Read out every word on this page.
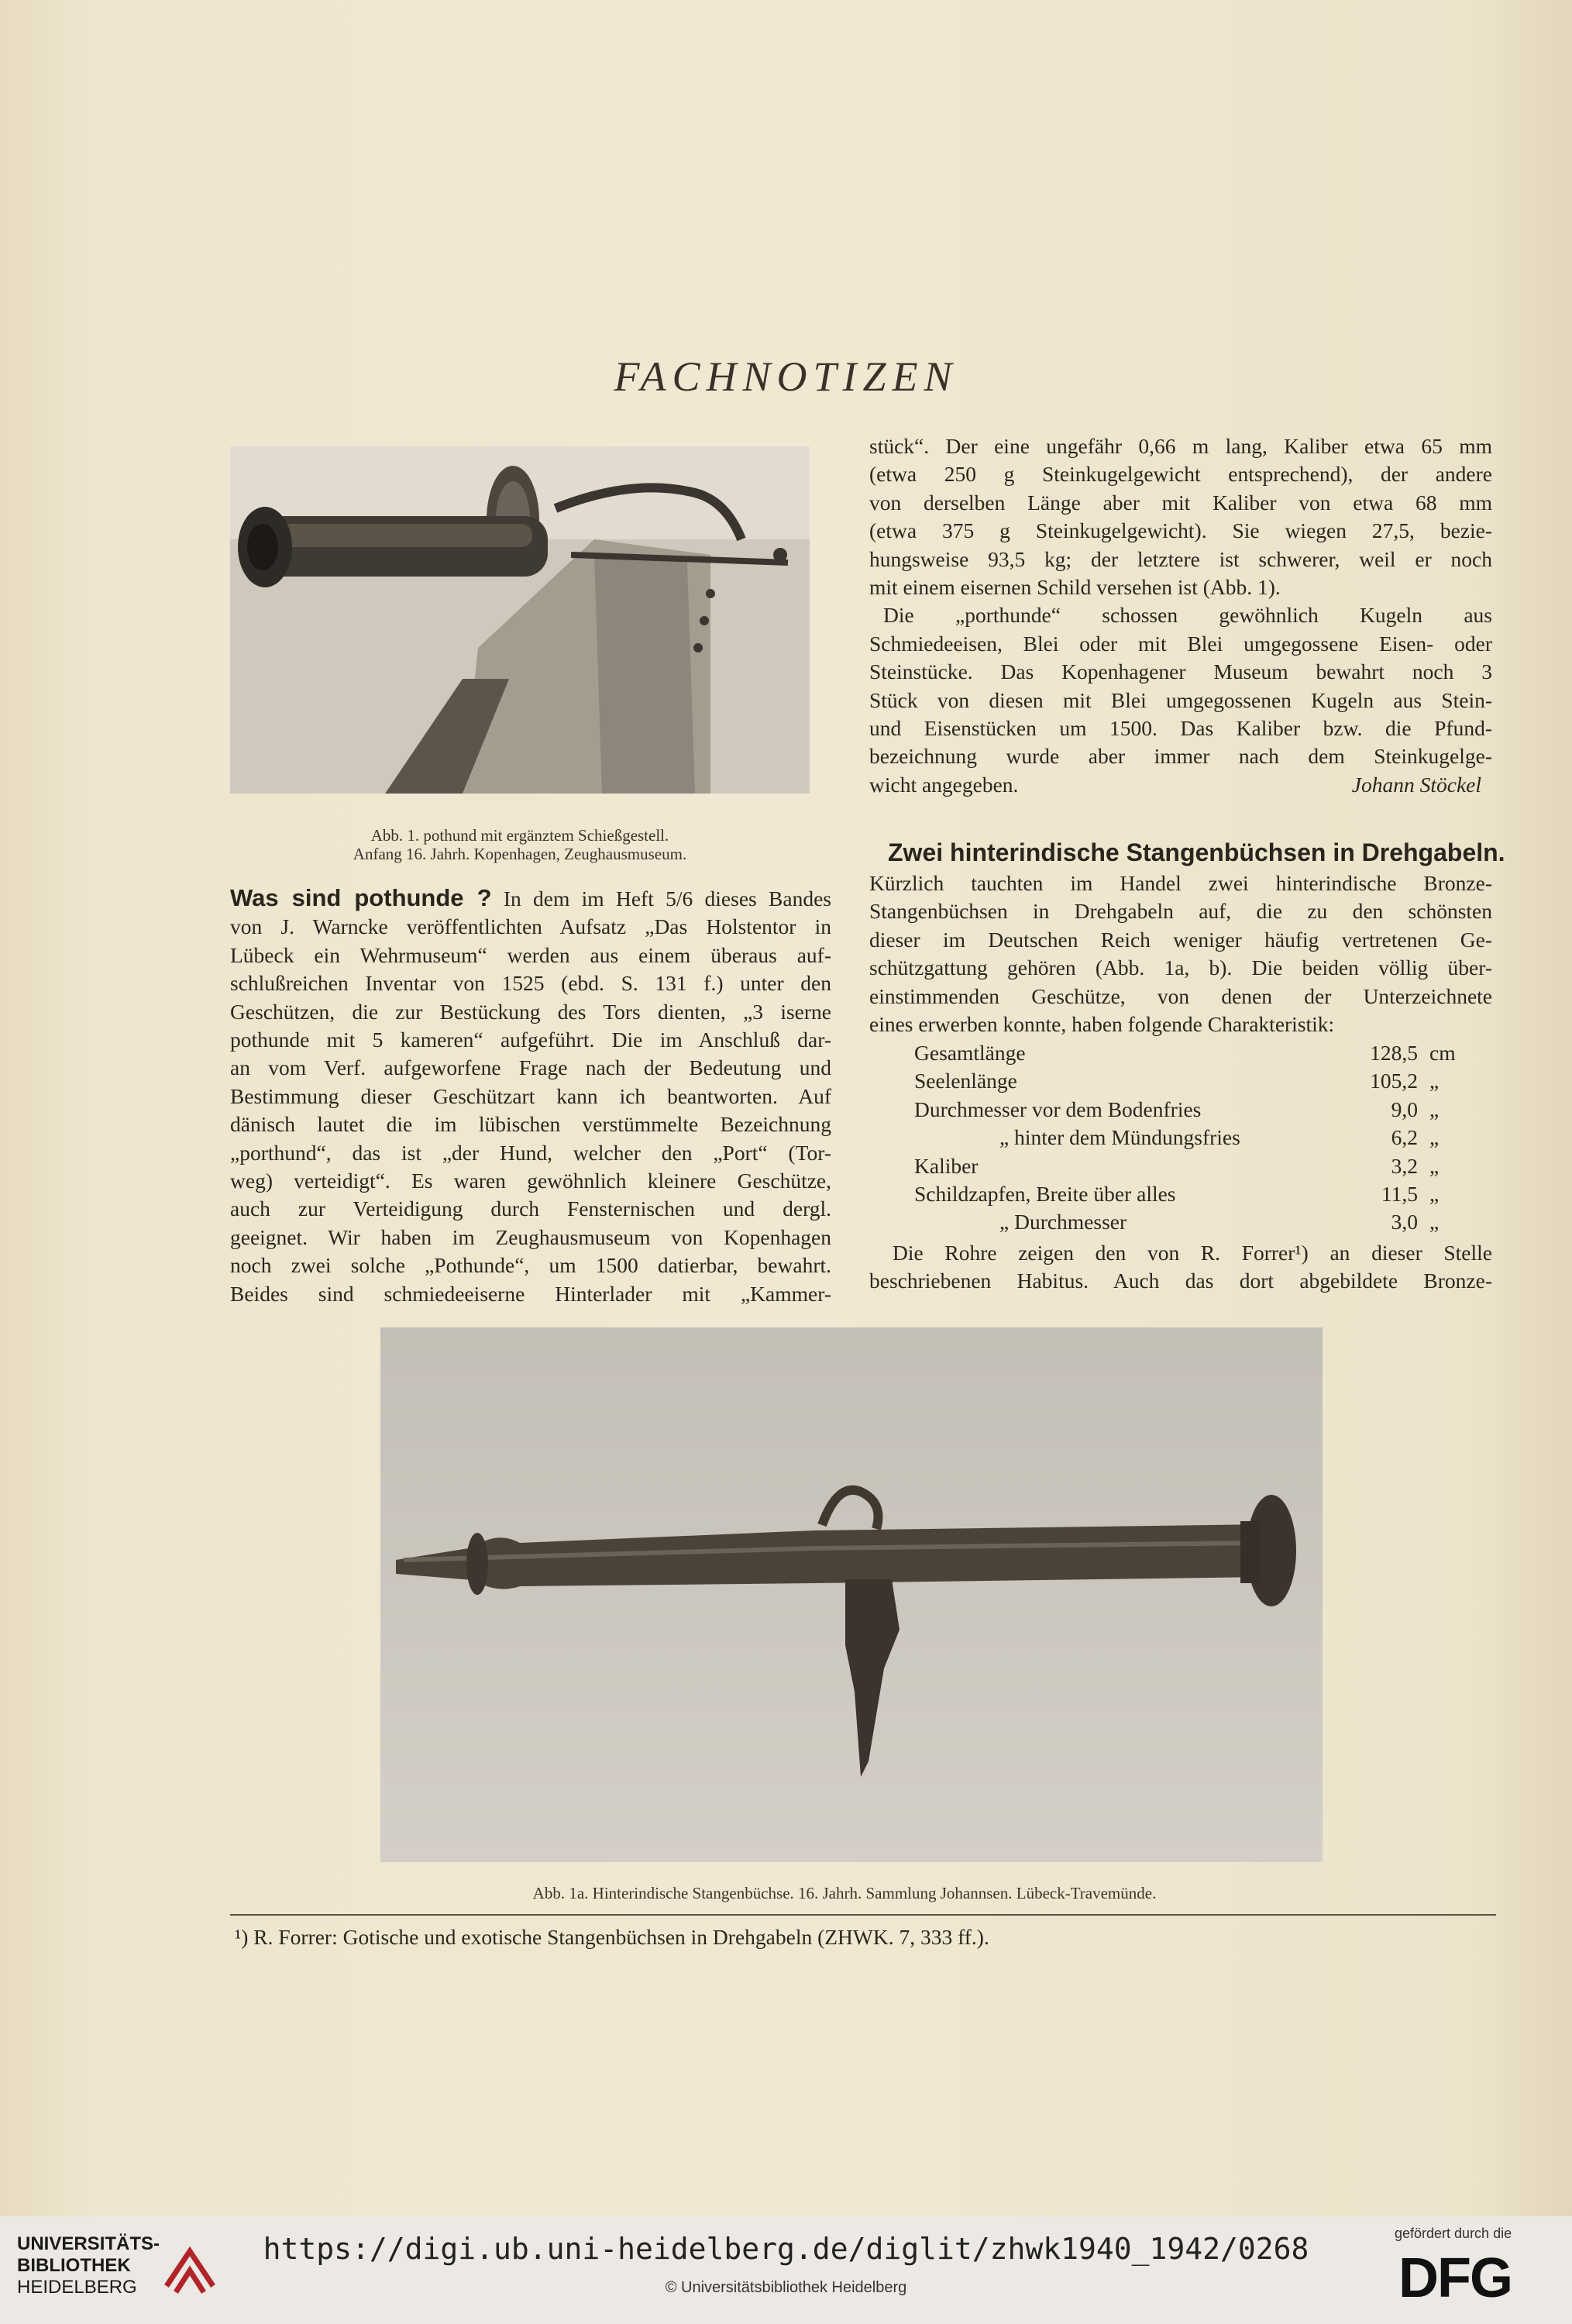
FACHNOTIZEN
Abb. 1. pothund mit ergänztem Schießgestell.
Anfang 16. Jahrh. Kopenhagen, Zeughausmuseum.
Was sind pothunde ? In dem im Heft 5/6 dieses Bandes
von J. Warncke veröffentlichten Aufsatz „Das Holstentor in
Lübeck ein Wehrmuseum“ werden aus einem überaus auf-
schlußreichen Inventar von 1525 (ebd. S. 131 f.) unter den
Geschützen, die zur Bestückung des Tors dienten, „3 iserne
pothunde mit 5 kameren“ aufgeführt. Die im Anschluß dar-
an vom Verf. aufgeworfene Frage nach der Bedeutung und
Bestimmung dieser Geschützart kann ich beantworten. Auf
dänisch lautet die im lübischen verstümmelte Bezeichnung
„porthund“, das ist „der Hund, welcher den „Port“ (Tor-
weg) verteidigt“. Es waren gewöhnlich kleinere Geschütze,
auch zur Verteidigung durch Fensternischen und dergl.
geeignet. Wir haben im Zeughausmuseum von Kopenhagen
noch zwei solche „Pothunde“, um 1500 datierbar, bewahrt.
Beides sind schmiedeeiserne Hinterlader mit „Kammer-
stück“. Der eine ungefähr 0,66 m lang, Kaliber etwa 65 mm
(etwa 250 g Steinkugelgewicht entsprechend), der andere
von derselben Länge aber mit Kaliber von etwa 68 mm
(etwa 375 g Steinkugelgewicht). Sie wiegen 27,5, bezie-
hungsweise 93,5 kg; der letztere ist schwerer, weil er noch
mit einem eisernen Schild versehen ist (Abb. 1).
Die „porthunde“ schossen gewöhnlich Kugeln aus
Schmiedeeisen, Blei oder mit Blei umgegossene Eisen- oder
Steinstücke. Das Kopenhagener Museum bewahrt noch 3
Stück von diesen mit Blei umgegossenen Kugeln aus Stein-
und Eisenstücken um 1500. Das Kaliber bzw. die Pfund-
bezeichnung wurde aber immer nach dem Steinkugelge-
wicht angegeben.	Johann Stöckel
Zwei hinterindische Stangenbüchsen in Drehgabeln.
Kürzlich tauchten im Handel zwei hinterindische Bronze-
Stangenbüchsen in Drehgabeln auf, die zu den schönsten
dieser im Deutschen Reich weniger häufig vertretenen Ge-
schützgattung gehören (Abb. 1a, b). Die beiden völlig über-
einstimmenden Geschütze, von denen der Unterzeichnete
eines erwerben konnte, haben folgende Charakteristik:
Gesamtlänge	128,5 cm
Seelenlänge	105,2 „
Durchmesser vor dem Bodenfries	9,0 „
„ hinter dem Mündungsfries	6,2 „
Kaliber	3,2 „
Schildzapfen, Breite über alles	11,5 „
„ Durchmesser	3,0 „
Die Rohre zeigen den von R. Forrer¹) an dieser Stelle
beschriebenen Habitus. Auch das dort abgebildete Bronze-
Abb. 1a. Hinterindische Stangenbüchse. 16. Jahrh. Sammlung Johannsen. Lübeck-Travemünde.
¹) R. Forrer: Gotische und exotische Stangenbüchsen in Drehgabeln (ZHWK. 7, 333 ff.).
UNIVERSITÄTS-
BIBLIOTHEK
HEIDELBERG
gefördert durch die
DFG
https://digi.ub.uni-heidelberg.de/diglit/zhwk1940_1942/0268
© Universitätsbibliothek Heidelberg
